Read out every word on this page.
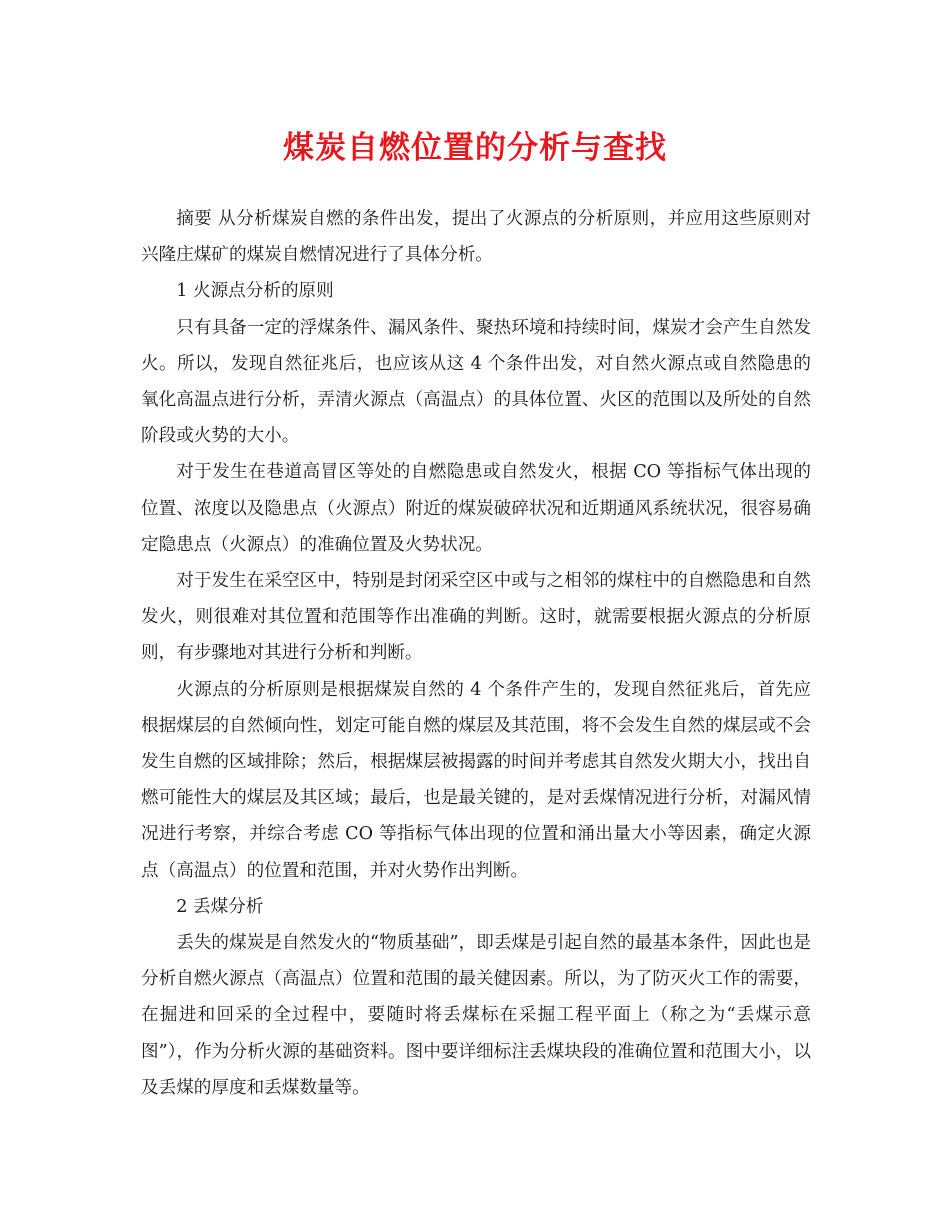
煤炭自燃位置的分析与查找

摘要 从分析煤炭自燃的条件出发，提出了火源点的分析原则，并应用这些原则对兴隆庄煤矿的煤炭自燃情况进行了具体分析。

1 火源点分析的原则

只有具备一定的浮煤条件、漏风条件、聚热环境和持续时间，煤炭才会产生自然发火。所以，发现自然征兆后，也应该从这 4 个条件出发，对自然火源点或自然隐患的氧化高温点进行分析，弄清火源点（高温点）的具体位置、火区的范围以及所处的自然阶段或火势的大小。

对于发生在巷道高冒区等处的自燃隐患或自然发火，根据 CO 等指标气体出现的位置、浓度以及隐患点（火源点）附近的煤炭破碎状况和近期通风系统状况，很容易确定隐患点（火源点）的准确位置及火势状况。

对于发生在采空区中，特别是封闭采空区中或与之相邻的煤柱中的自燃隐患和自然发火，则很难对其位置和范围等作出准确的判断。这时，就需要根据火源点的分析原则，有步骤地对其进行分析和判断。

火源点的分析原则是根据煤炭自然的 4 个条件产生的，发现自然征兆后，首先应根据煤层的自然倾向性，划定可能自燃的煤层及其范围，将不会发生自然的煤层或不会发生自燃的区域排除；然后，根据煤层被揭露的时间并考虑其自然发火期大小，找出自燃可能性大的煤层及其区域；最后，也是最关键的，是对丢煤情况进行分析，对漏风情况进行考察，并综合考虑 CO 等指标气体出现的位置和涌出量大小等因素，确定火源点（高温点）的位置和范围，并对火势作出判断。

2 丢煤分析

丢失的煤炭是自然发火的“物质基础”，即丢煤是引起自然的最基本条件，因此也是分析自燃火源点（高温点）位置和范围的最关健因素。所以，为了防灭火工作的需要，在掘进和回采的全过程中，要随时将丢煤标在采掘工程平面上（称之为“丢煤示意图”），作为分析火源的基础资料。图中要详细标注丢煤块段的准确位置和范围大小，以及丢煤的厚度和丢煤数量等。
